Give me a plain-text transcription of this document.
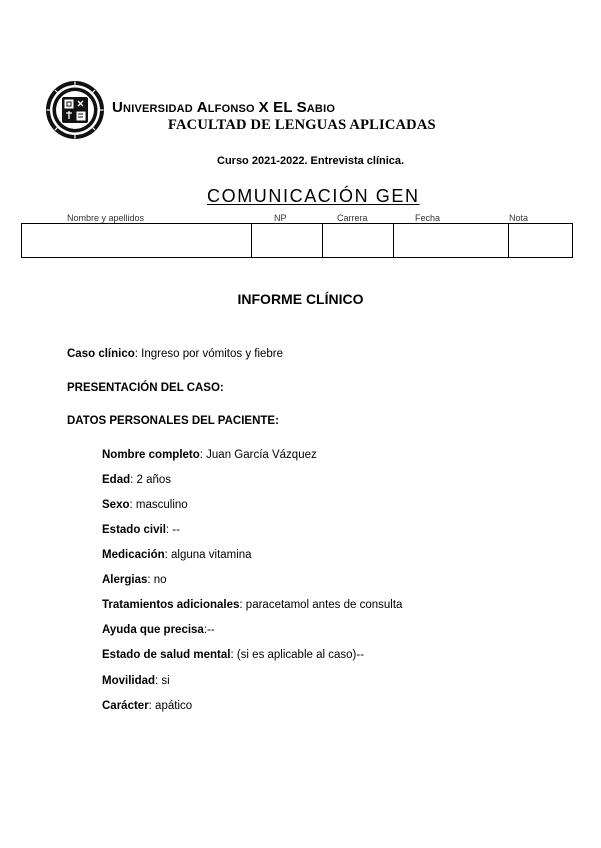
UNIVERSIDAD ALFONSO X EL SABIO
FACULTAD DE LENGUAS APLICADAS
Curso 2021-2022. Entrevista clínica.
COMUNICACIÓN GEN
Nombre y apellidos	NP	Carrera	Fecha	Nota

INFORME CLÍNICO
Caso clínico: Ingreso por vómitos y fiebre
PRESENTACIÓN DEL CASO:
DATOS PERSONALES DEL PACIENTE:
Nombre completo: Juan García Vázquez
Edad: 2 años
Sexo: masculino
Estado civil: --
Medicación: alguna vitamina
Alergias: no
Tratamientos adicionales: paracetamol antes de consulta
Ayuda que precisa:--
Estado de salud mental: (si es aplicable al caso)--
Movilidad: si
Carácter: apático
